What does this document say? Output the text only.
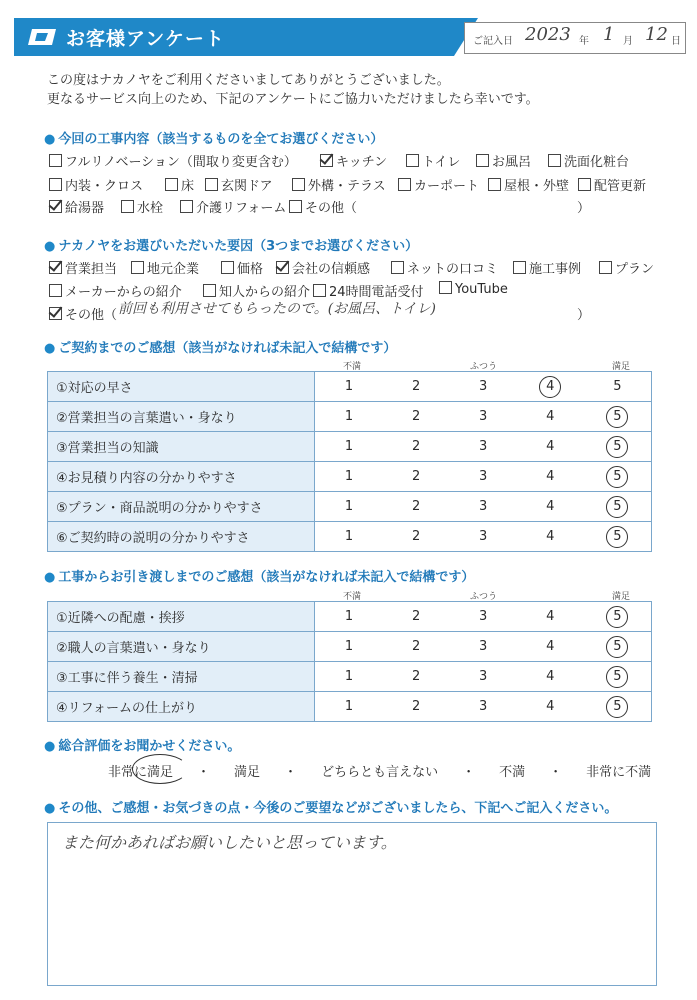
お客様アンケート	ご記入日 2023 年 1 月 12 日
この度はナカノヤをご利用くださいましてありがとうございました。
更なるサービス向上のため、下記のアンケートにご協力いただけましたら幸いです。
● 今回の工事内容（該当するものを全てお選びください）
フルリノベーション（間取り変更含む）	キッチン	トイレ	お風呂	洗面化粧台
内装・クロス	床	玄関ドア	外構・テラス	カーポート	屋根・外壁	配管更新
給湯器	水栓	介護リフォーム	その他（	）
● ナカノヤをお選びいただいた要因（3つまでお選びください）
営業担当	地元企業	価格	会社の信頼感	ネットの口コミ	施工事例	プラン
メーカーからの紹介	知人からの紹介	24時間電話受付	YouTube
その他（ 前回も利用させてもらったので。(お風呂、トイレ)	）
● ご契約までのご感想（該当がなければ未記入で結構です）
不満	ふつう	満足
①対応の早さ	1	2	3	4	5
②営業担当の言葉遣い・身なり	1	2	3	4	5

③営業担当の知識	1	2	3	4	5

④お見積り内容の分かりやすさ	1	2	3	4	5

⑤プラン・商品説明の分かりやすさ	1	2	3	4	5

⑥ご契約時の説明の分かりやすさ	1	2	3	4	5
● 工事からお引き渡しまでのご感想（該当がなければ未記入で結構です）
不満	ふつう	満足
①近隣への配慮・挨拶	1	2	3	4	5

②職人の言葉遣い・身なり	1	2	3	4	5

③工事に伴う養生・清掃	1	2	3	4	5

④リフォームの仕上がり	1	2	3	4	5
● 総合評価をお聞かせください。
非常に満足 ・ 満足 ・ どちらとも言えない ・ 不満 ・ 非常に不満
● その他、ご感想・お気づきの点・今後のご要望などがございましたら、下記へご記入ください。
また何かあればお願いしたいと思っています。
